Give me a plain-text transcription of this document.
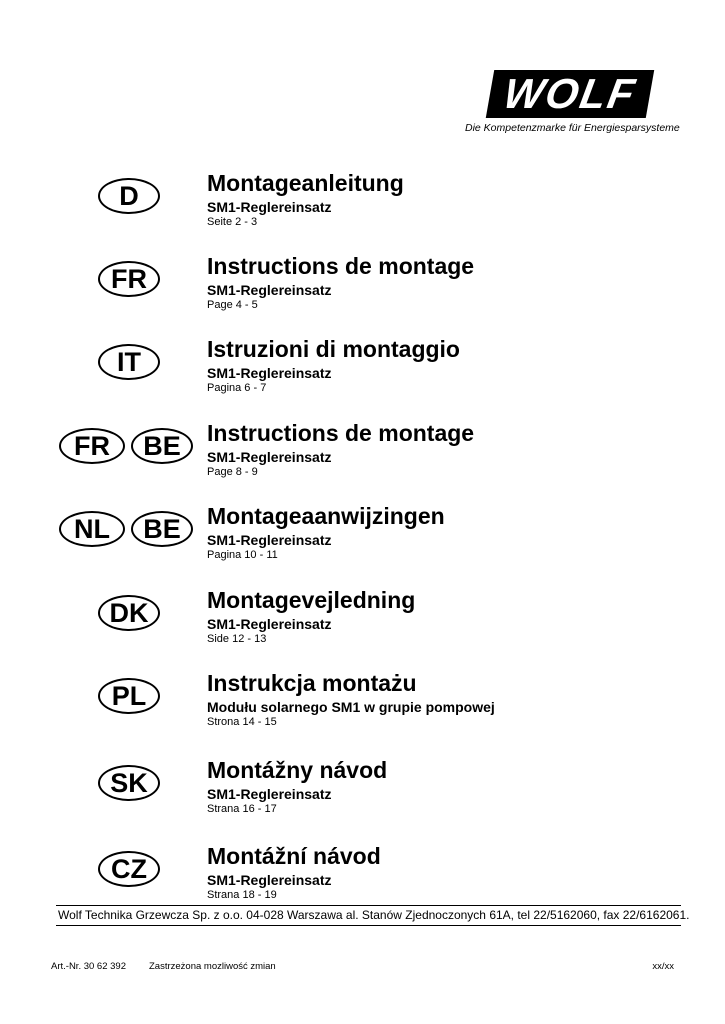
WOLF
Die Kompetenzmarke für Energiesparsysteme
D	Montageanleitung
SM1-Reglereinsatz
Seite 2 - 3
FR	Instructions de montage
SM1-Reglereinsatz
Page 4 - 5
IT	Istruzioni di montaggio
SM1-Reglereinsatz
Pagina 6 - 7
FR	BE	Instructions de montage
SM1-Reglereinsatz
Page 8 - 9
NL	BE	Montageaanwijzingen
SM1-Reglereinsatz
Pagina 10 - 11
DK	Montagevejledning
SM1-Reglereinsatz
Side 12 - 13
PL	Instrukcja montażu
Modułu solarnego SM1 w grupie pompowej
Strona 14 - 15
SK	Montážny návod
SM1-Reglereinsatz
Strana 16 - 17
CZ	Montážní návod
SM1-Reglereinsatz
Strana 18 - 19
Wolf Technika Grzewcza Sp. z o.o. 04-028 Warszawa al. Stanów Zjednoczonych 61A, tel 22/5162060, fax 22/6162061.
Art.-Nr. 30 62 392 Zastrzeżona mozliwość zmian	xx/xx
